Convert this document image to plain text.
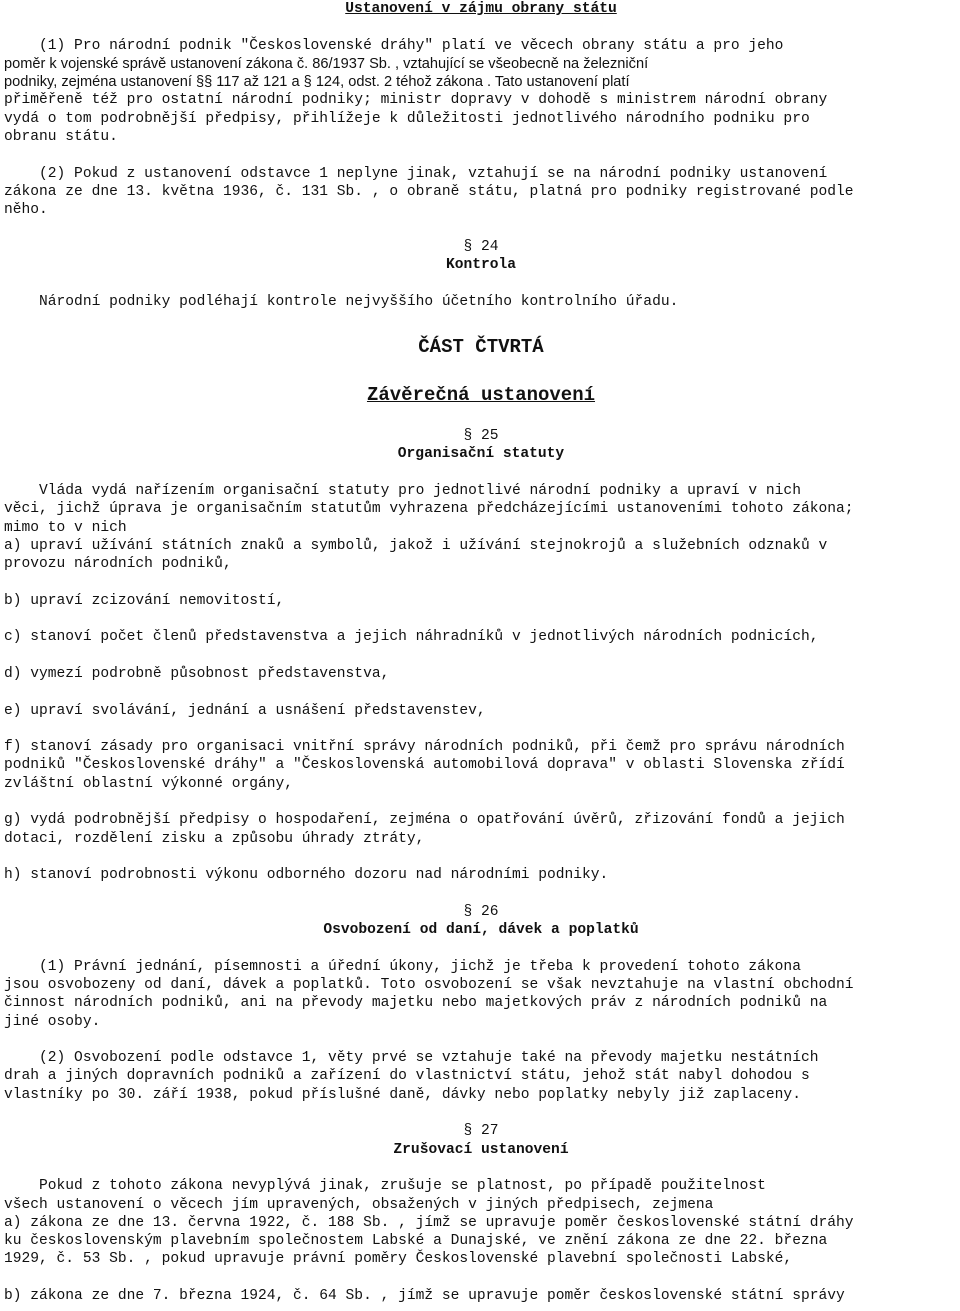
Ustanovení v zájmu obrany státu
(1) Pro národní podnik "Československé dráhy" platí ve věcech obrany státu a pro jeho
poměr k vojenské správě ustanovení zákona č. 86/1937 Sb. , vztahující se všeobecně na železniční
podniky, zejména ustanovení §§ 117 až 121 a § 124, odst. 2 téhož zákona . Tato ustanovení platí
přiměřeně též pro ostatní národní podniky; ministr dopravy v dohodě s ministrem národní obrany
vydá o tom podrobnější předpisy, přihlížeje k důležitosti jednotlivého národního podniku pro
obranu státu.
(2) Pokud z ustanovení odstavce 1 neplyne jinak, vztahují se na národní podniky ustanovení
zákona ze dne 13. května 1936, č. 131 Sb. , o obraně státu, platná pro podniky registrované podle
něho.
§ 24
Kontrola
Národní podniky podléhají kontrole nejvyššího účetního kontrolního úřadu.
ČÁST ČTVRTÁ
Závěrečná ustanovení
§ 25
Organisační statuty
Vláda vydá nařízením organisační statuty pro jednotlivé národní podniky a upraví v nich
věci, jichž úprava je organisačním statutům vyhrazena předcházejícími ustanoveními tohoto zákona;
mimo to v nich
a) upraví užívání státních znaků a symbolů, jakož i užívání stejnokrojů a služebních odznaků v
provozu národních podniků,
b) upraví zcizování nemovitostí,
c) stanoví počet členů představenstva a jejich náhradníků v jednotlivých národních podnicích,
d) vymezí podrobně působnost představenstva,
e) upraví svolávání, jednání a usnášení představenstev,
f) stanoví zásady pro organisaci vnitřní správy národních podniků, při čemž pro správu národních
podniků "Československé dráhy" a "Československá automobilová doprava" v oblasti Slovenska zřídí
zvláštní oblastní výkonné orgány,
g) vydá podrobnější předpisy o hospodaření, zejména o opatřování úvěrů, zřizování fondů a jejich
dotaci, rozdělení zisku a způsobu úhrady ztráty,
h) stanoví podrobnosti výkonu odborného dozoru nad národními podniky.
§ 26
Osvobození od daní, dávek a poplatků
(1) Právní jednání, písemnosti a úřední úkony, jichž je třeba k provedení tohoto zákona
jsou osvobozeny od daní, dávek a poplatků. Toto osvobození se však nevztahuje na vlastní obchodní
činnost národních podniků, ani na převody majetku nebo majetkových práv z národních podniků na
jiné osoby.
(2) Osvobození podle odstavce 1, věty prvé se vztahuje také na převody majetku nestátních
drah a jiných dopravních podniků a zařízení do vlastnictví státu, jehož stát nabyl dohodou s
vlastníky po 30. září 1938, pokud příslušné daně, dávky nebo poplatky nebyly již zaplaceny.
§ 27
Zrušovací ustanovení
Pokud z tohoto zákona nevyplývá jinak, zrušuje se platnost, po případě použitelnost
všech ustanovení o věcech jím upravených, obsažených v jiných předpisech, zejmena
a) zákona ze dne 13. června 1922, č. 188 Sb. , jímž se upravuje poměr československé státní dráhy
ku československým plavebním společnostem Labské a Dunajské, ve znění zákona ze dne 22. března
1929, č. 53 Sb. , pokud upravuje právní poměry Československé plavební společnosti Labské,
b) zákona ze dne 7. března 1924, č. 64 Sb. , jímž se upravuje poměr československé státní správy
